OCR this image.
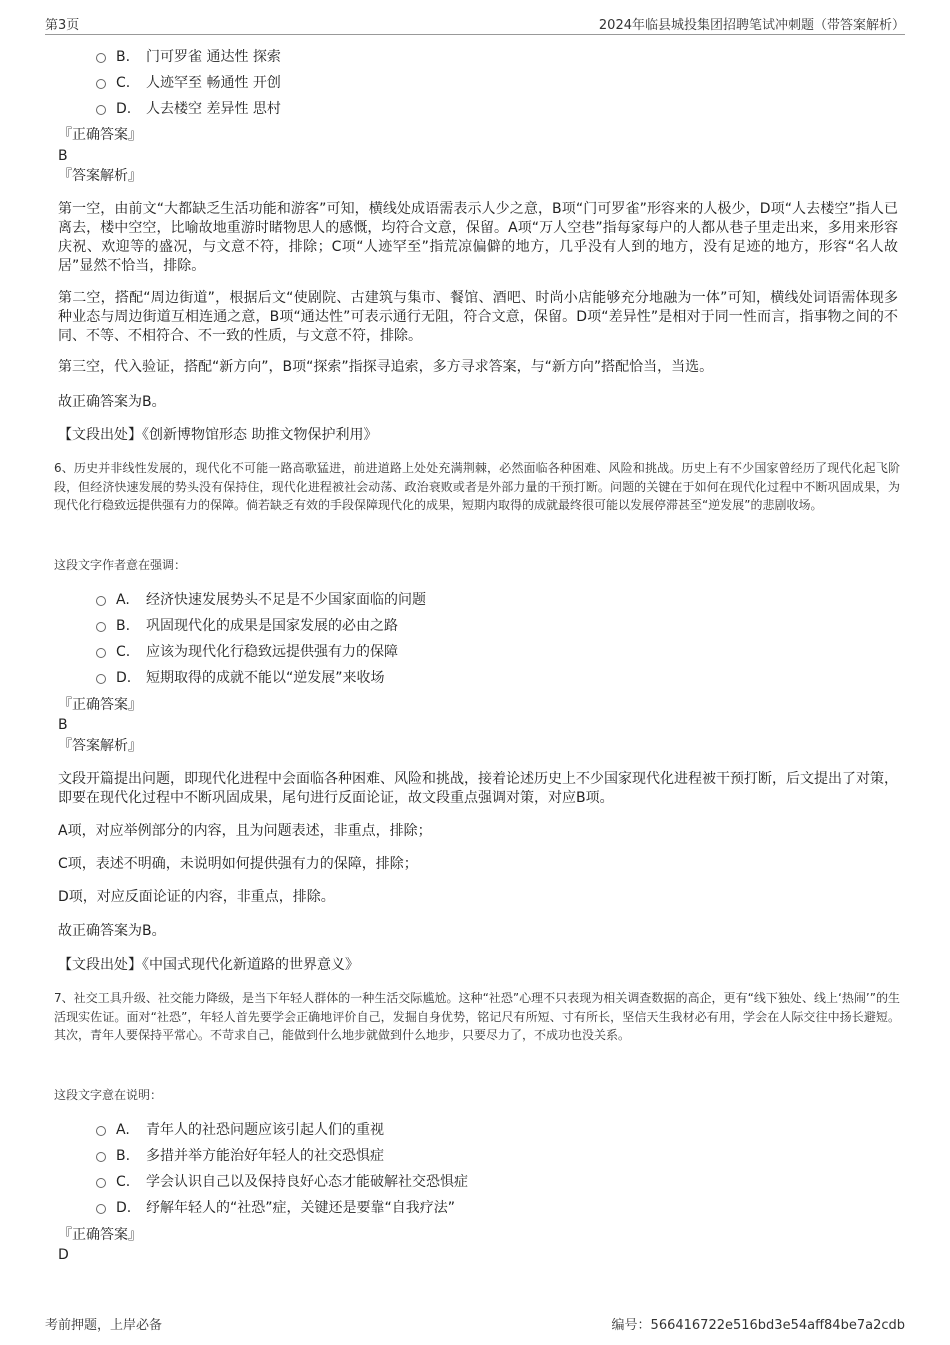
第3页	2024年临县城投集团招聘笔试冲刺题（带答案解析）
B. 门可罗雀 通达性 探索
C. 人迹罕至 畅通性 开创
D. 人去楼空 差异性 思村
『正确答案』
B
『答案解析』
第一空，由前文“大都缺乏生活功能和游客”可知，横线处成语需表示人少之意，B项“门可罗雀”形容来的人极少，D项“人去楼空”指人已离去，楼中空空，比喻故地重游时睹物思人的感慨，均符合文意，保留。A项“万人空巷”指每家每户的人都从巷子里走出来，多用来形容庆祝、欢迎等的盛况，与文意不符，排除；C项“人迹罕至”指荒凉偏僻的地方，几乎没有人到的地方，没有足迹的地方，形容“名人故居”显然不恰当，排除。
第二空，搭配“周边街道”，根据后文“使剧院、古建筑与集市、餐馆、酒吧、时尚小店能够充分地融为一体”可知，横线处词语需体现多种业态与周边街道互相连通之意，B项“通达性”可表示通行无阻，符合文意，保留。D项“差异性”是相对于同一性而言，指事物之间的不同、不等、不相符合、不一致的性质，与文意不符，排除。
第三空，代入验证，搭配“新方向”，B项“探索”指探寻追索，多方寻求答案，与“新方向”搭配恰当，当选。
故正确答案为B。
【文段出处】《创新博物馆形态 助推文物保护利用》
6、历史并非线性发展的，现代化不可能一路高歌猛进，前进道路上处处充满荆棘，必然面临各种困难、风险和挑战。历史上有不少国家曾经历了现代化起飞阶段，但经济快速发展的势头没有保持住，现代化进程被社会动荡、政治衰败或者是外部力量的干预打断。问题的关键在于如何在现代化过程中不断巩固成果，为现代化行稳致远提供强有力的保障。倘若缺乏有效的手段保障现代化的成果，短期内取得的成就最终很可能以发展停滞甚至“逆发展”的悲剧收场。
这段文字作者意在强调：
A. 经济快速发展势头不足是不少国家面临的问题
B. 巩固现代化的成果是国家发展的必由之路
C. 应该为现代化行稳致远提供强有力的保障
D. 短期取得的成就不能以“逆发展”来收场
『正确答案』
B
『答案解析』
文段开篇提出问题，即现代化进程中会面临各种困难、风险和挑战，接着论述历史上不少国家现代化进程被干预打断，后文提出了对策，即要在现代化过程中不断巩固成果，尾句进行反面论证，故文段重点强调对策，对应B项。
A项，对应举例部分的内容，且为问题表述，非重点，排除；
C项，表述不明确，未说明如何提供强有力的保障，排除；
D项，对应反面论证的内容，非重点，排除。
故正确答案为B。
【文段出处】《中国式现代化新道路的世界意义》
7、社交工具升级、社交能力降级，是当下年轻人群体的一种生活交际尴尬。这种“社恐”心理不只表现为相关调查数据的高企，更有“线下独处、线上‘热闹’”的生活现实佐证。面对“社恐”，年轻人首先要学会正确地评价自己，发掘自身优势，铭记尺有所短、寸有所长，坚信天生我材必有用，学会在人际交往中扬长避短。其次，青年人要保持平常心。不苛求自己，能做到什么地步就做到什么地步，只要尽力了，不成功也没关系。
这段文字意在说明：
A. 青年人的社恐问题应该引起人们的重视
B. 多措并举方能治好年轻人的社交恐惧症
C. 学会认识自己以及保持良好心态才能破解社交恐惧症
D. 纾解年轻人的“社恐”症，关键还是要靠“自我疗法”
『正确答案』
D
考前押题，上岸必备	编号：566416722e516bd3e54aff84be7a2cdb
